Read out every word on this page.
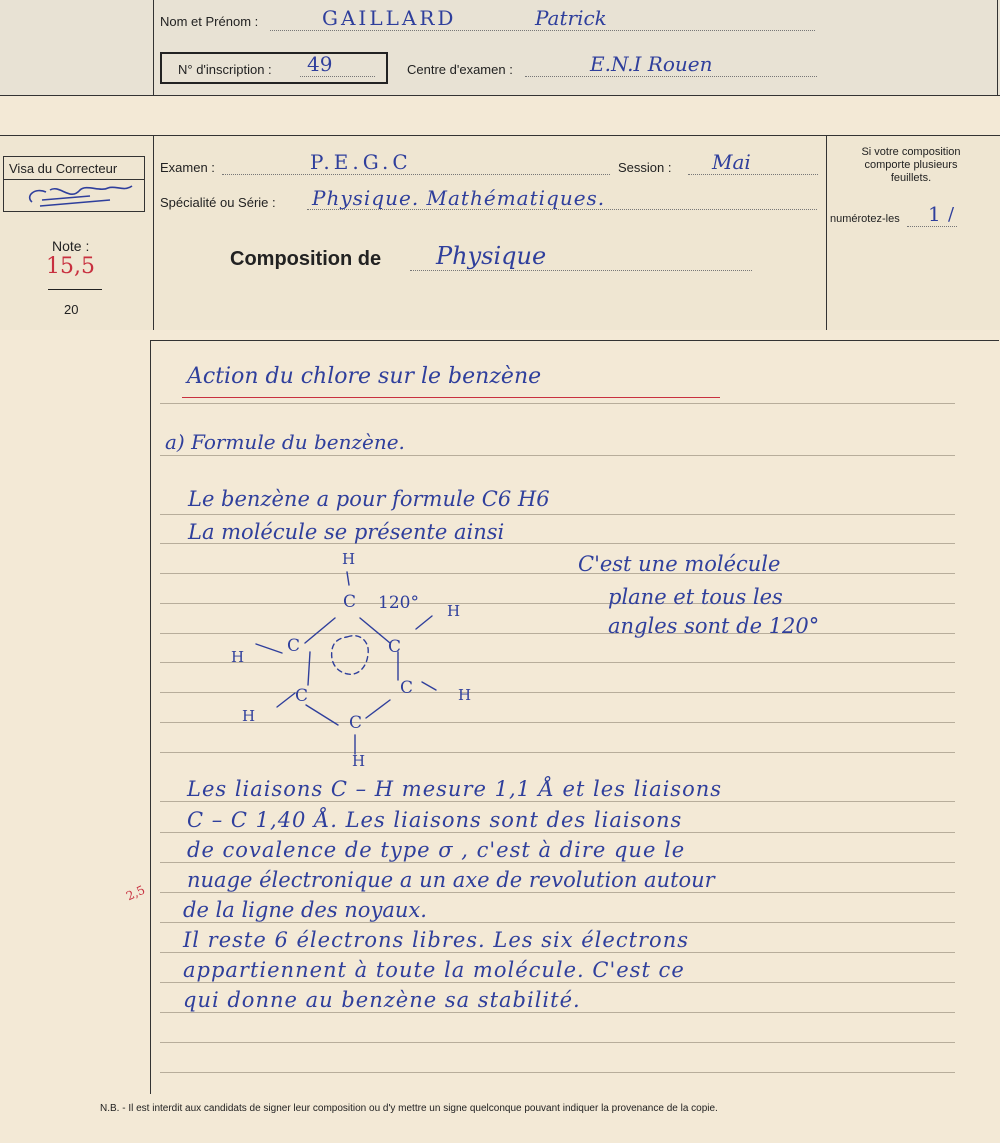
Nom et Prénom :	GAILLARD	Patrick
N° d'inscription : 49	Centre d'examen :	E.N.I Rouen
Visa du Correcteur
Note :
15,5
20
Examen :	P.E.G.C	Session : Mai
Spécialité ou Série : Physique. Mathématiques.
Composition de Physique
Si votre composition
comporte plusieurs
feuillets.
numérotez-les 1 /
Action du chlore sur le benzène
a) Formule du benzène.
Le benzène a pour formule C6 H6
La molécule se présente ainsi
C'est une molécule
plane et tous les
angles sont de 120°
H
C	H
C	C
H
C	C	H
H	C
H
120°
Les liaisons C – H mesure 1,1 Å et les liaisons
C – C 1,40 Å. Les liaisons sont des liaisons
de covalence de type σ , c'est à dire que le
nuage électronique a un axe de revolution autour
de la ligne des noyaux.
Il reste 6 électrons libres. Les six électrons
appartiennent à toute la molécule. C'est ce
qui donne au benzène sa stabilité.
2,5
N.B. - Il est interdit aux candidats de signer leur composition ou d'y mettre un signe quelconque pouvant indiquer la provenance de la copie.
